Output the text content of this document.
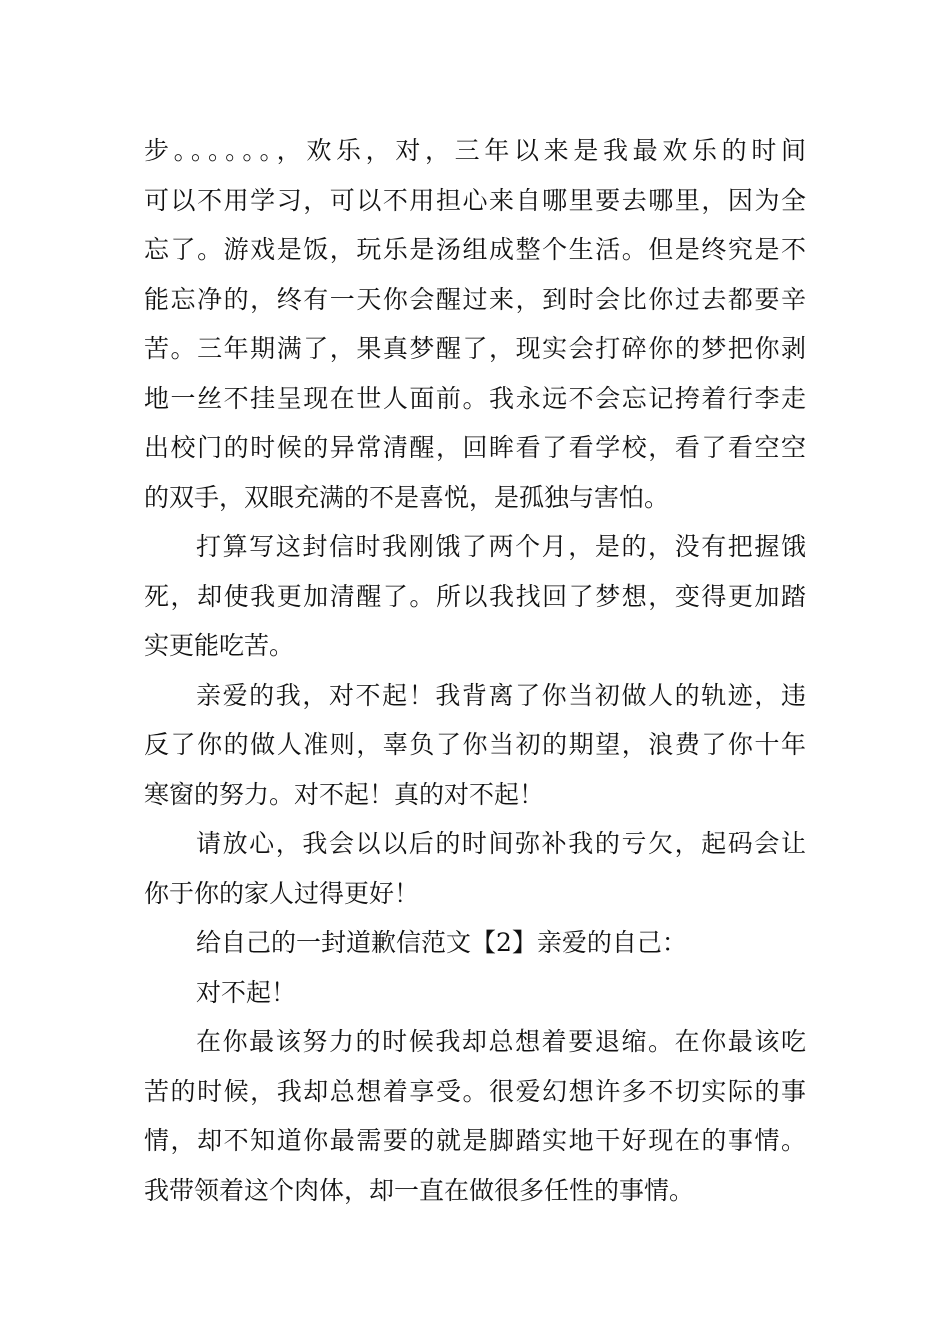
步。。。。。。，欢乐，对，三年以来是我最欢乐的时间
可以不用学习，可以不用担心来自哪里要去哪里，因为全
忘了。游戏是饭，玩乐是汤组成整个生活。但是终究是不
能忘净的，终有一天你会醒过来，到时会比你过去都要辛
苦。三年期满了，果真梦醒了，现实会打碎你的梦把你剥
地一丝不挂呈现在世人面前。我永远不会忘记挎着行李走
出校门的时候的异常清醒，回眸看了看学校，看了看空空
的双手，双眼充满的不是喜悦，是孤独与害怕。
打算写这封信时我刚饿了两个月，是的，没有把握饿
死，却使我更加清醒了。所以我找回了梦想，变得更加踏
实更能吃苦。
亲爱的我，对不起！我背离了你当初做人的轨迹，违
反了你的做人准则，辜负了你当初的期望，浪费了你十年
寒窗的努力。对不起！真的对不起！
请放心，我会以以后的时间弥补我的亏欠，起码会让
你于你的家人过得更好！
给自己的一封道歉信范文【2】亲爱的自己：
对不起！
在你最该努力的时候我却总想着要退缩。在你最该吃
苦的时候，我却总想着享受。很爱幻想许多不切实际的事
情，却不知道你最需要的就是脚踏实地干好现在的事情。
我带领着这个肉体，却一直在做很多任性的事情。
